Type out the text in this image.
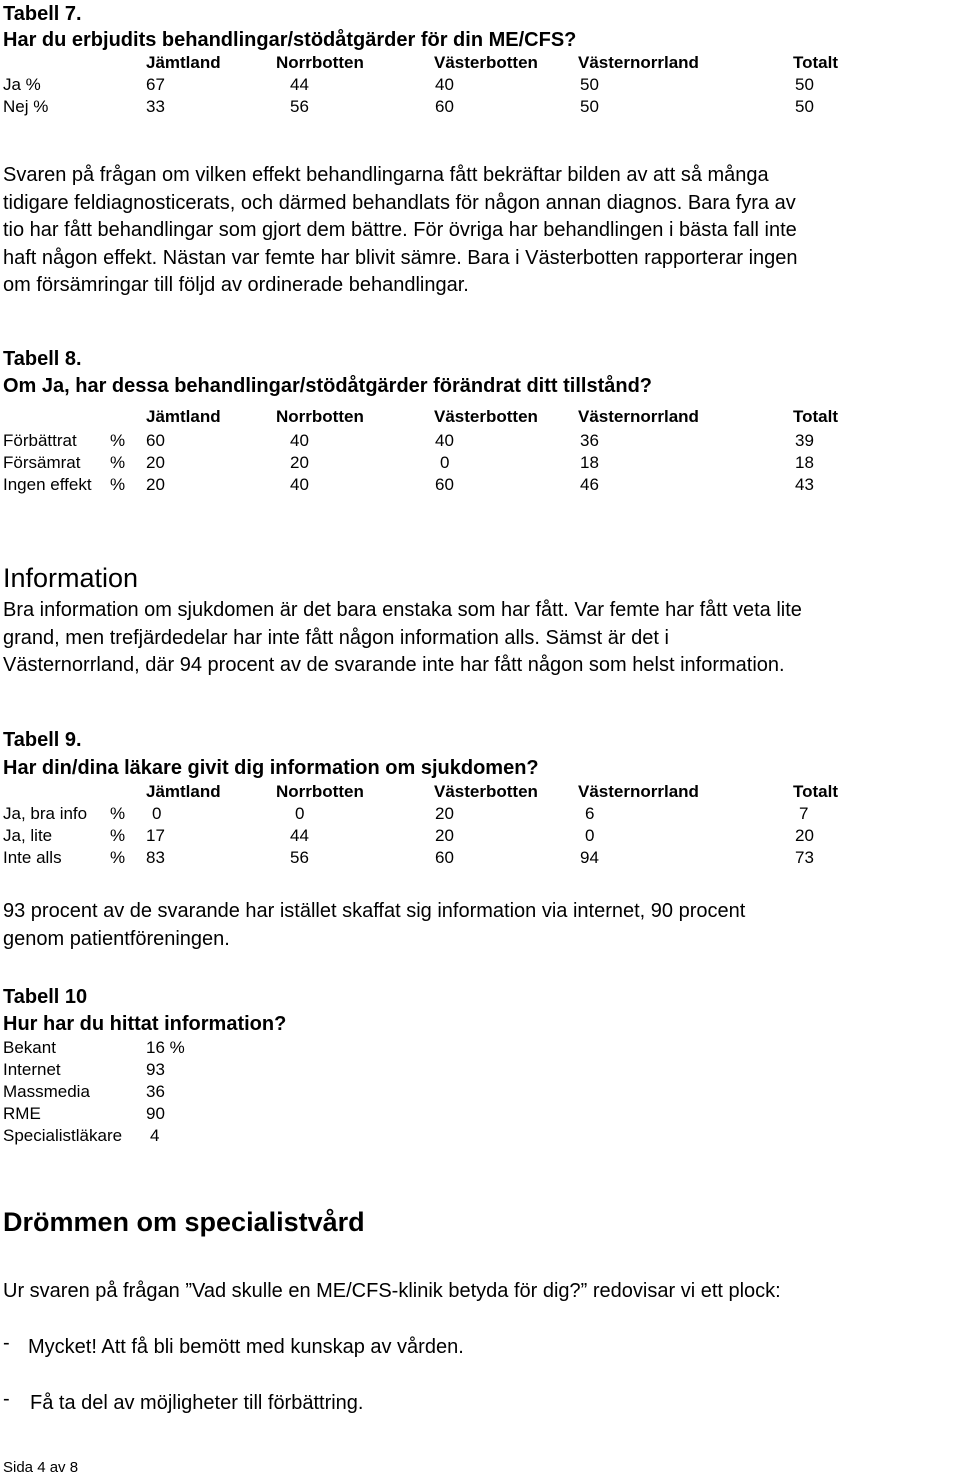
Tabell 7.
Har du erbjudits behandlingar/stödåtgärder för din ME/CFS?
Jämtland	Norrbotten	Västerbotten Västernorrland	Totalt
Ja %	67	44	40	50	50
Nej %	33	56	60	50	50
Svaren på frågan om vilken effekt behandlingarna fått bekräftar bilden av att så många
tidigare feldiagnosticerats, och därmed behandlats för någon annan diagnos. Bara fyra av
tio har fått behandlingar som gjort dem bättre. För övriga har behandlingen i bästa fall inte
haft någon effekt. Nästan var femte har blivit sämre. Bara i Västerbotten rapporterar ingen
om försämringar till följd av ordinerade behandlingar.
Tabell 8.
Om Ja, har dessa behandlingar/stödåtgärder förändrat ditt tillstånd?
Jämtland	Norrbotten	Västerbotten Västernorrland	Totalt
Förbättrat % 60	40	40	36	39
Försämrat % 20	20	0	18	18
Ingen effekt % 20	40	60	46	43
Information
Bra information om sjukdomen är det bara enstaka som har fått. Var femte har fått veta lite
grand, men trefjärdedelar har inte fått någon information alls. Sämst är det i
Västernorrland, där 94 procent av de svarande inte har fått någon som helst information.
Tabell 9.
Har din/dina läkare givit dig information om sjukdomen?
Jämtland	Norrbotten	Västerbotten Västernorrland	Totalt
Ja, bra info % 0	0	20	6	7
Ja, lite	% 17	44	20	0	20
Inte alls	% 83	56	60	94	73
93 procent av de svarande har istället skaffat sig information via internet, 90 procent
genom patientföreningen.
Tabell 10
Hur har du hittat information?
Bekant	16 %
Internet	93
Massmedia	36
RME	90
Specialistläkare 4
Drömmen om specialistvård
Ur svaren på frågan ”Vad skulle en ME/CFS-klinik betyda för dig?” redovisar vi ett plock:
- Mycket! Att få bli bemött med kunskap av vården.
- Få ta del av möjligheter till förbättring.
Sida 4 av 8
